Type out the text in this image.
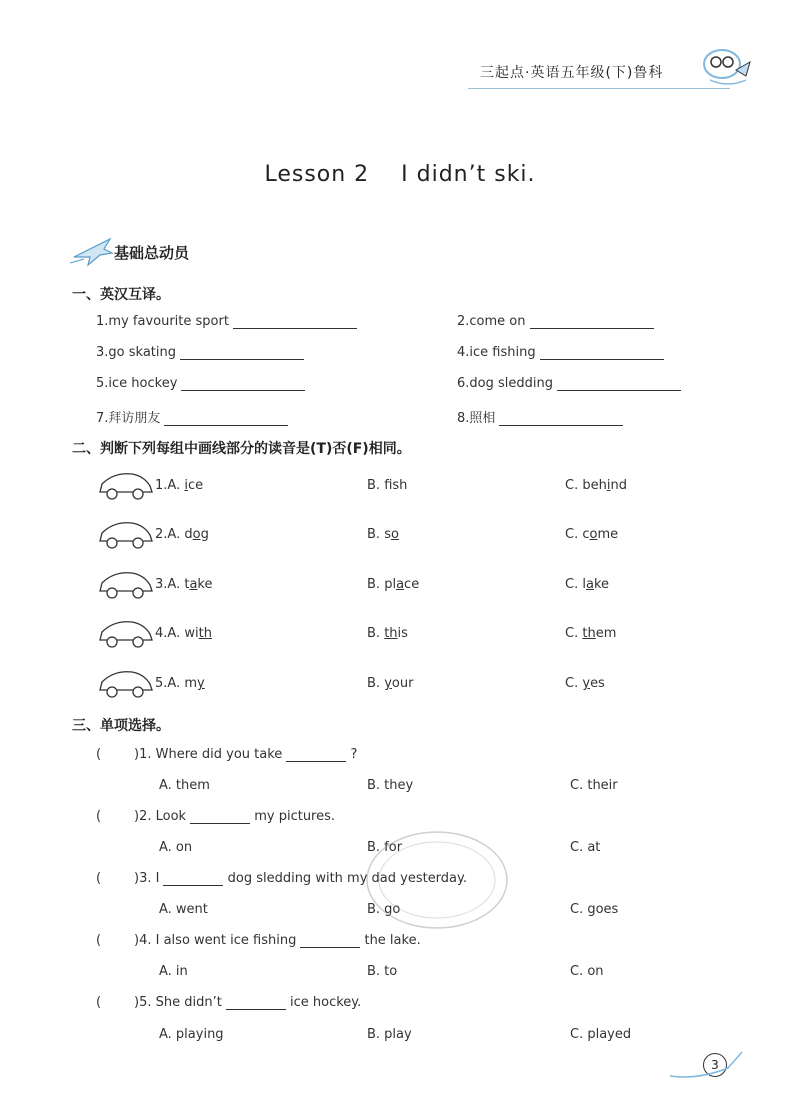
三起点·英语五年级(下)鲁科
Lesson 2    I didn’t ski.
基础总动员
一、英汉互译。
1.my favourite sport	2.come on
3.go skating	4.ice fishing
5.ice hockey	6.dog sledding
7.拜访朋友	8.照相
二、判断下列每组中画线部分的读音是(T)否(F)相同。
1.A. ice	B. fsh	C. behind
2.A. dog	B. so	C. come
3.A. take	B. place	C. lake
4.A. with	B. this	C. them
5.A. my	B. your	C. yes
三、单项选择。
(	)1. Where did you take	?
A. them	B. they	C. their
(	)2. Look	my pictures.
A. on	B. for	C. at
(	)3. I	dog sledding with my dad yesterday.
A. went	B. go	C. goes
(	)4. I also went ice fishing	the lake.
A. in	B. to	C. on
(	)5. She didn’t	ice hockey.
A. playing	B. play	C. played
3
